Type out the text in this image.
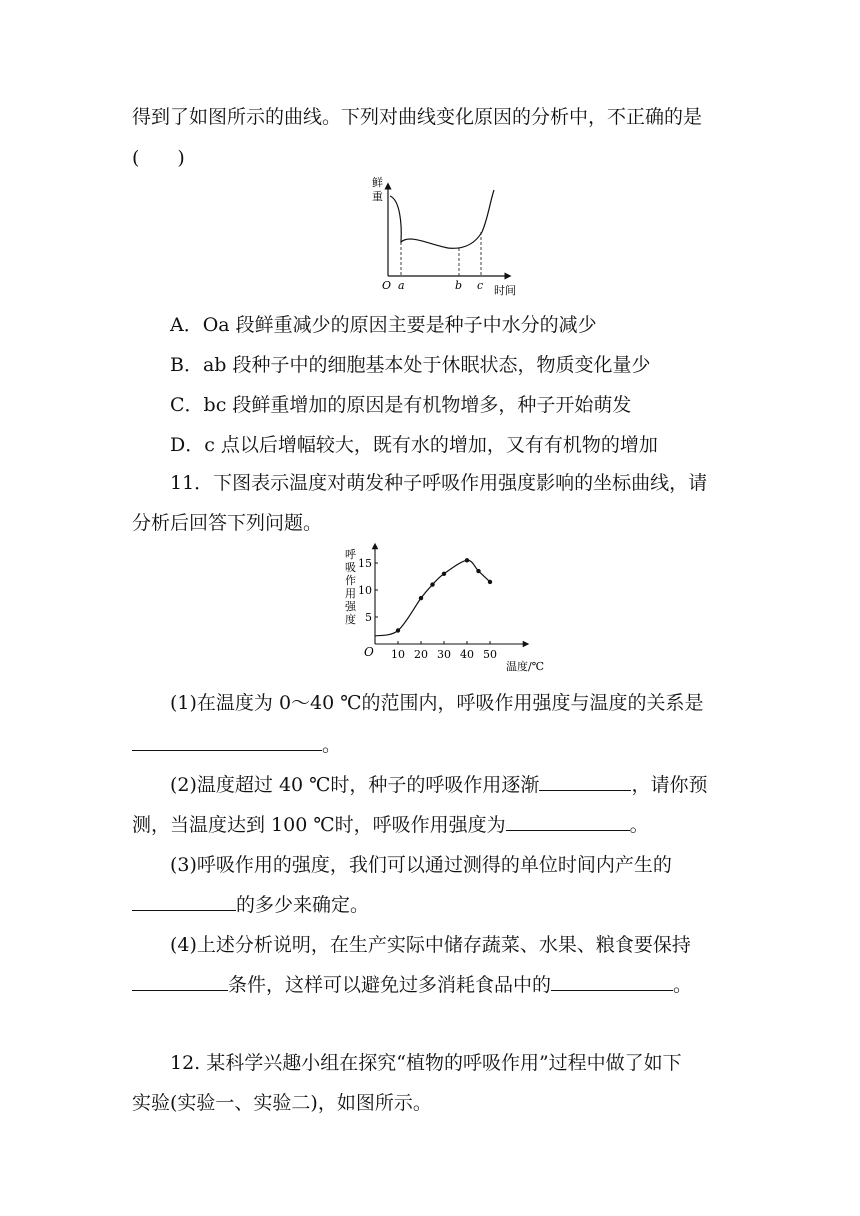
得到了如图所示的曲线。下列对曲线变化原因的分析中，不正确的是
(　　)
鲜
重
O a	b c 时间
A．Oa 段鲜重减少的原因主要是种子中水分的减少
B．ab 段种子中的细胞基本处于休眠状态，物质变化量少
C．bc 段鲜重增加的原因是有机物增多，种子开始萌发
D．c 点以后增幅较大，既有水的增加，又有有机物的增加
11．下图表示温度对萌发种子呼吸作用强度影响的坐标曲线，请
分析后回答下列问题。
呼
吸
作
用
强
度
10 20 30 40 50
5
10
15
O
温度/℃
(1)在温度为 0～40 ℃的范围内，呼吸作用强度与温度的关系是
。
(2)温度超过 40 ℃时，种子的呼吸作用逐渐	，请你预
测，当温度达到 100 ℃时，呼吸作用强度为	。
(3)呼吸作用的强度，我们可以通过测得的单位时间内产生的
的多少来确定。
(4)上述分析说明，在生产实际中储存蔬菜、水果、粮食要保持
条件，这样可以避免过多消耗食品中的	。
12. 某科学兴趣小组在探究“植物的呼吸作用”过程中做了如下
实验(实验一、实验二)，如图所示。
